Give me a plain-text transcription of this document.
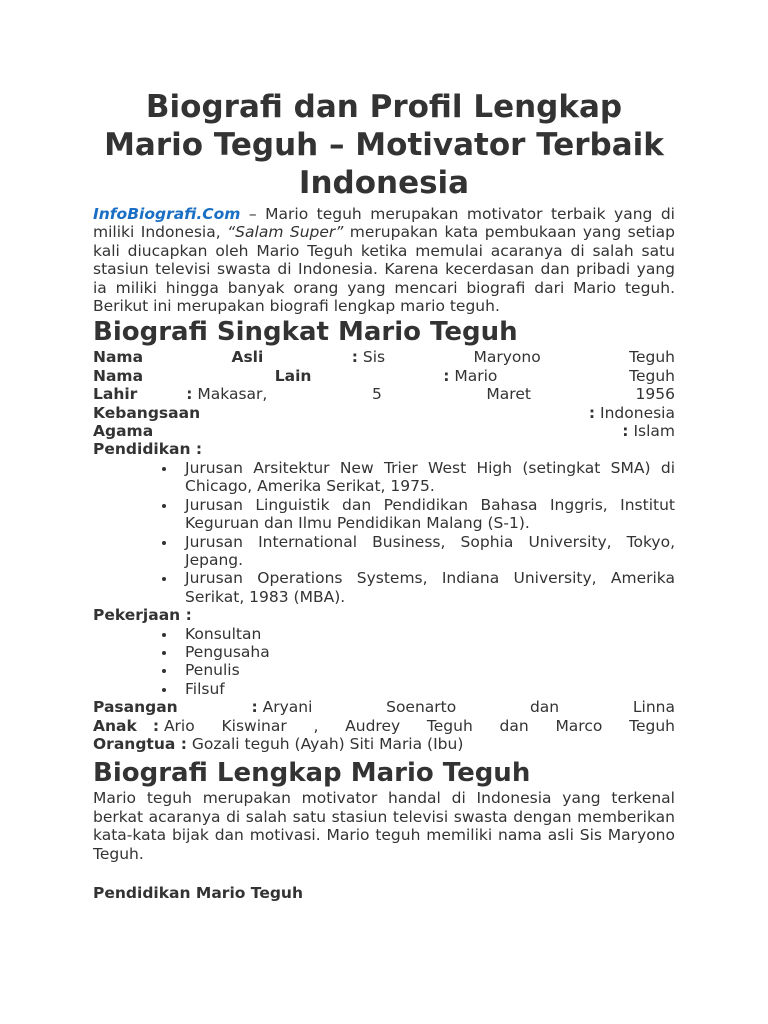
Biografi dan Profil Lengkap Mario Teguh – Motivator Terbaik Indonesia

InfoBiografi.Com – Mario teguh merupakan motivator terbaik yang di miliki Indonesia, “Salam Super” merupakan kata pembukaan yang setiap kali diucapkan oleh Mario Teguh ketika memulai acaranya di salah satu stasiun televisi swasta di Indonesia. Karena kecerdasan dan pribadi yang ia miliki hingga banyak orang yang mencari biografi dari Mario teguh. Berikut ini merupakan biografi lengkap mario teguh.

Biografi Singkat Mario Teguh
Nama	Asli	: Sis	Maryono	Teguh
Nama	Lain	: Mario	Teguh
Lahir	: Makasar,	5	Maret	1956
Kebangsaan	: Indonesia
Agama	: Islam
Pendidikan :
Jurusan Arsitektur New Trier West High (setingkat SMA) di Chicago, Amerika Serikat, 1975.
Jurusan Linguistik dan Pendidikan Bahasa Inggris, Institut Keguruan dan Ilmu Pendidikan Malang (S-1).
Jurusan International Business, Sophia University, Tokyo, Jepang.
Jurusan Operations Systems, Indiana University, Amerika Serikat, 1983 (MBA).
Pekerjaan :
Konsultan
Pengusaha
Penulis
Filsuf
Pasangan	: Aryani	Soenarto	dan	Linna
Anak : Ario Kiswinar , Audrey Teguh dan Marco Teguh
Orangtua : Gozali teguh (Ayah) Siti Maria (Ibu)
Biografi Lengkap Mario Teguh

Mario teguh merupakan motivator handal di Indonesia yang terkenal berkat acaranya di salah satu stasiun televisi swasta dengan memberikan kata-kata bijak dan motivasi. Mario teguh memiliki nama asli Sis Maryono Teguh.

Pendidikan Mario Teguh
